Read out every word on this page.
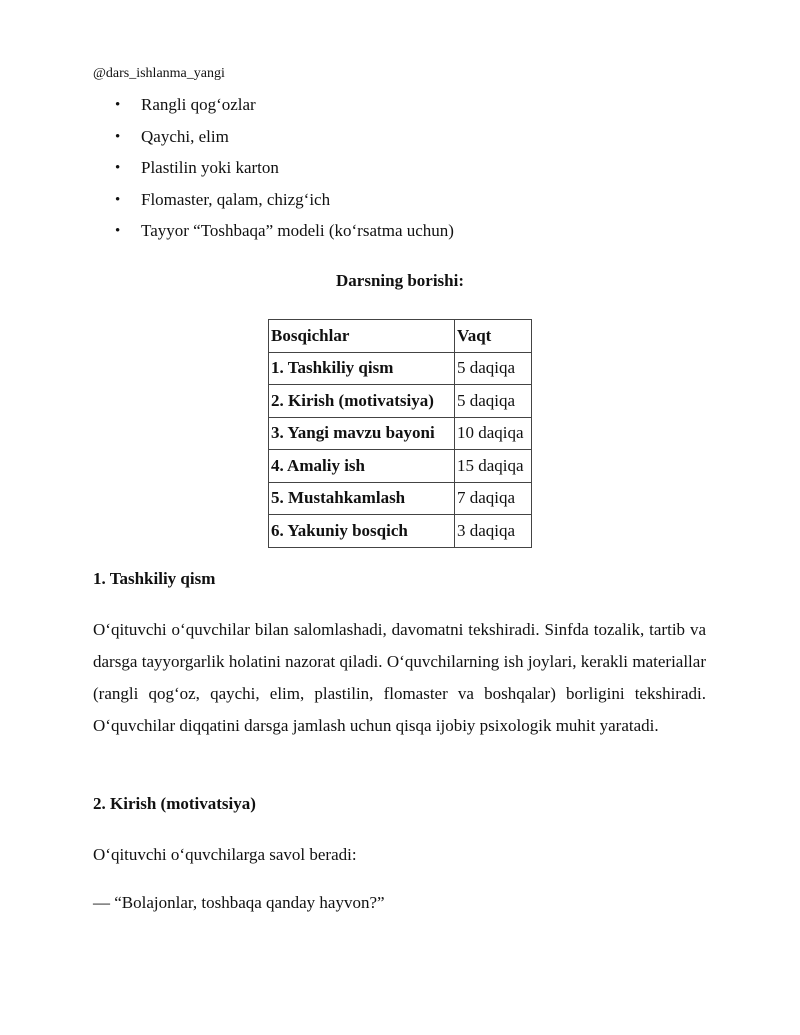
@dars_ishlanma_yangi
• Rangli qog‘ozlar
• Qaychi, elim
• Plastilin yoki karton
• Flomaster, qalam, chizg‘ich
• Tayyor “Toshbaqa” modeli (ko‘rsatma uchun)
Darsning borishi:
Bosqichlar	Vaqt
1. Tashkiliy qism	5 daqiqa
2. Kirish (motivatsiya)	5 daqiqa
3. Yangi mavzu bayoni	10 daqiqa
4. Amaliy ish	15 daqiqa
5. Mustahkamlash	7 daqiqa
6. Yakuniy bosqich	3 daqiqa
1. Tashkiliy qism

O‘qituvchi o‘quvchilar bilan salomlashadi, davomatni tekshiradi. Sinfda tozalik, tartib va darsga tayyorgarlik holatini nazorat qiladi. O‘quvchilarning ish joylari, kerakli materiallar (rangli qog‘oz, qaychi, elim, plastilin, flomaster va boshqalar) borligini tekshiradi. O‘quvchilar diqqatini darsga jamlash uchun qisqa ijobiy psixologik muhit yaratadi.

2. Kirish (motivatsiya)
O‘qituvchi o‘quvchilarga savol beradi:
— “Bolajonlar, toshbaqa qanday hayvon?”
